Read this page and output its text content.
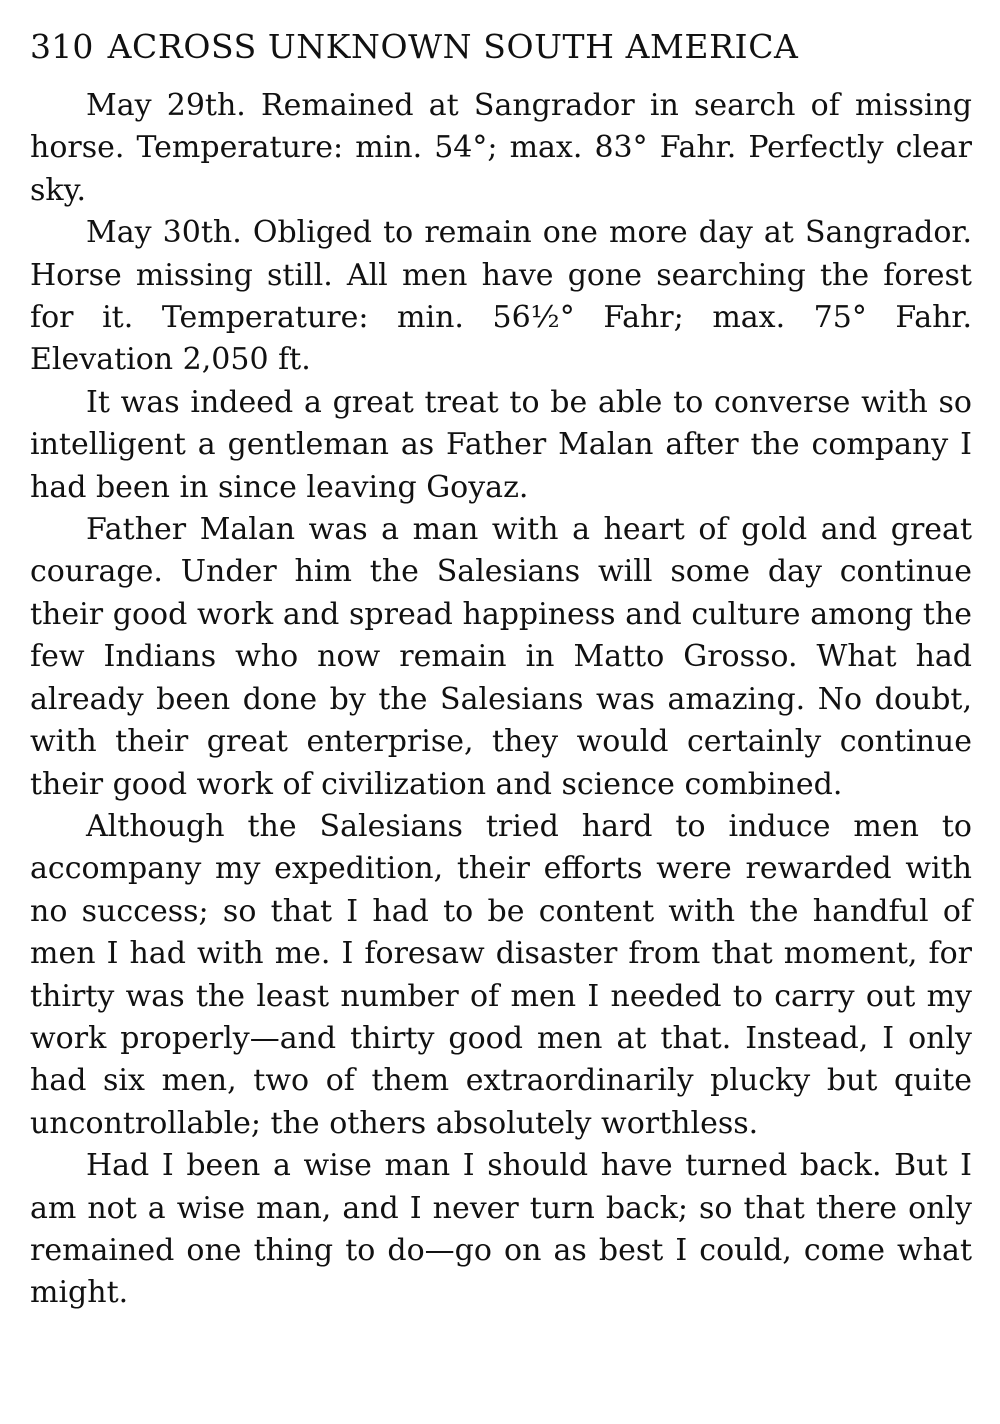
310 ACROSS UNKNOWN SOUTH AMERICA

May 29th. Remained at Sangrador in search of missing horse. Temperature: min. 54°; max. 83° Fahr. Perfectly clear sky.

May 30th. Obliged to remain one more day at Sangrador. Horse missing still. All men have gone searching the forest for it. Temperature: min. 56½° Fahr; max. 75° Fahr. Elevation 2,050 ft.

It was indeed a great treat to be able to converse with so intelligent a gentleman as Father Malan after the company I had been in since leaving Goyaz.

Father Malan was a man with a heart of gold and great courage. Under him the Salesians will some day continue their good work and spread happiness and culture among the few Indians who now remain in Matto Grosso. What had already been done by the Salesians was amazing. No doubt, with their great enterprise, they would certainly continue their good work of civilization and science combined.

Although the Salesians tried hard to induce men to accompany my expedition, their efforts were rewarded with no success; so that I had to be content with the handful of men I had with me. I foresaw disaster from that moment, for thirty was the least number of men I needed to carry out my work properly—and thirty good men at that. Instead, I only had six men, two of them extraordinarily plucky but quite uncontrollable; the others absolutely worthless.

Had I been a wise man I should have turned back. But I am not a wise man, and I never turn back; so that there only remained one thing to do—go on as best I could, come what might.
